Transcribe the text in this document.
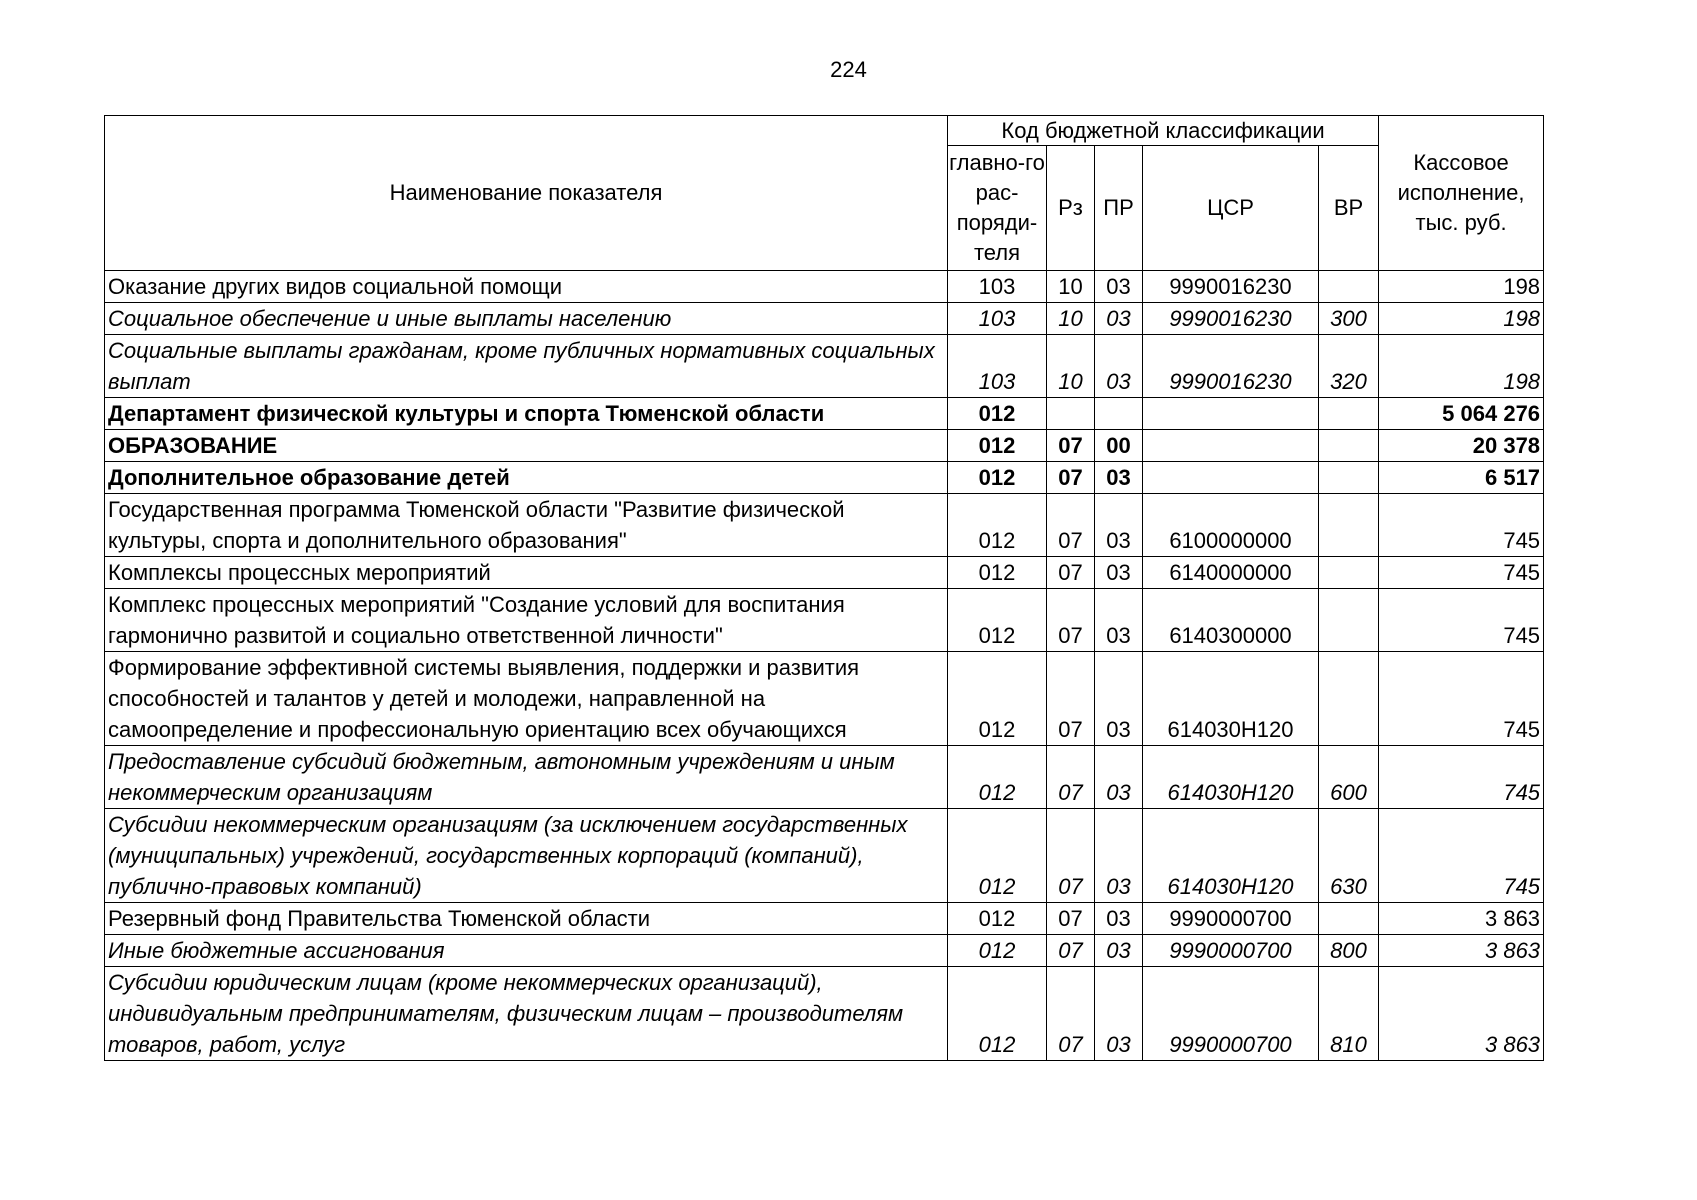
224
Наименование показателя	Код бюджетной классификации					Кассовое исполнение, тыс. руб.
	главно-го рас-поряди-теля	Рз	ПР	ЦСР	ВР	
Оказание других видов социальной помощи	103	10	03	9990016230		198
Социальное обеспечение и иные выплаты населению	103	10	03	9990016230	300	198
Социальные выплаты гражданам, кроме публичных нормативных социальных выплат	103	10	03	9990016230	320	198
Департамент физической культуры и спорта Тюменской области	012					5 064 276
ОБРАЗОВАНИЕ	012	07	00			20 378
Дополнительное образование детей	012	07	03			6 517
Государственная программа Тюменской области "Развитие физической культуры, спорта и дополнительного образования"	012	07	03	6100000000		745
Комплексы процессных мероприятий	012	07	03	6140000000		745
Комплекс процессных мероприятий "Создание условий для воспитания гармонично развитой и социально ответственной личности"	012	07	03	6140300000		745
Формирование эффективной системы выявления, поддержки и развития способностей и талантов у детей и молодежи, направленной на самоопределение и профессиональную ориентацию всех обучающихся	012	07	03	614030Н120		745
Предоставление субсидий бюджетным, автономным учреждениям и иным некоммерческим организациям	012	07	03	614030Н120	600	745
Субсидии некоммерческим организациям (за исключением государственных (муниципальных) учреждений, государственных корпораций (компаний), публично-правовых компаний)	012	07	03	614030Н120	630	745
Резервный фонд Правительства Тюменской области	012	07	03	9990000700		3 863
Иные бюджетные ассигнования	012	07	03	9990000700	800	3 863
Субсидии юридическим лицам (кроме некоммерческих организаций), индивидуальным предпринимателям, физическим лицам – производителям товаров, работ, услуг	012	07	03	9990000700	810	3 863
